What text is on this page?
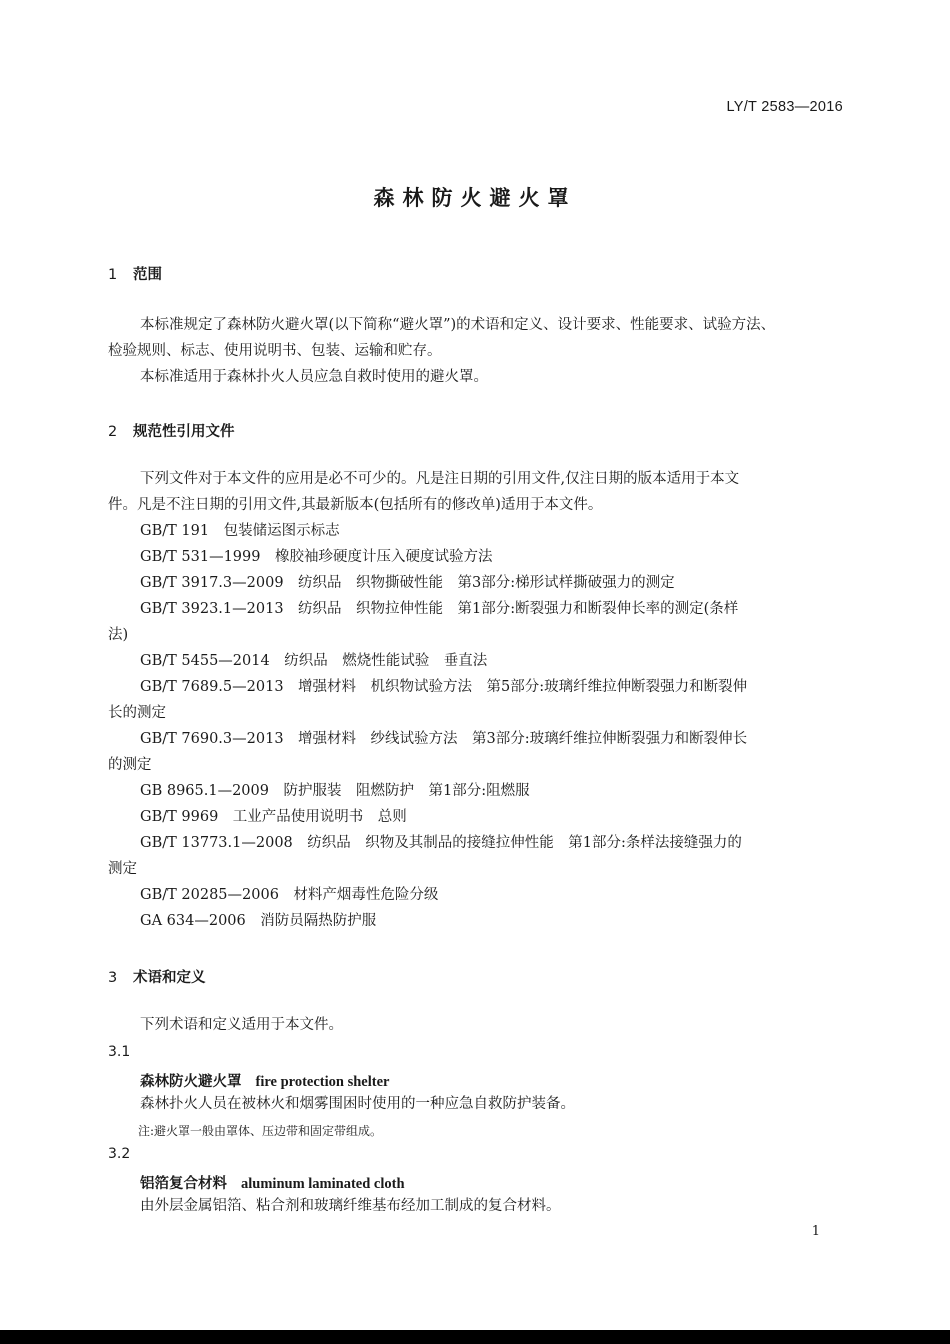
LY/T 2583—2016
森林防火避火罩
1 范围
本标准规定了森林防火避火罩(以下简称“避火罩”)的术语和定义、设计要求、性能要求、试验方法、
检验规则、标志、使用说明书、包装、运输和贮存。
本标准适用于森林扑火人员应急自救时使用的避火罩。
2 规范性引用文件
下列文件对于本文件的应用是必不可少的。凡是注日期的引用文件,仅注日期的版本适用于本文
件。凡是不注日期的引用文件,其最新版本(包括所有的修改单)适用于本文件。
GB/T 191　包装储运图示标志
GB/T 531—1999　橡胶袖珍硬度计压入硬度试验方法
GB/T 3917.3—2009　纺织品　织物撕破性能　第3部分:梯形试样撕破强力的测定
GB/T 3923.1—2013　纺织品　织物拉伸性能　第1部分:断裂强力和断裂伸长率的测定(条样
法)
GB/T 5455—2014　纺织品　燃烧性能试验　垂直法
GB/T 7689.5—2013　增强材料　机织物试验方法　第5部分:玻璃纤维拉伸断裂强力和断裂伸
长的测定
GB/T 7690.3—2013　增强材料　纱线试验方法　第3部分:玻璃纤维拉伸断裂强力和断裂伸长
的测定
GB 8965.1—2009　防护服装　阻燃防护　第1部分:阻燃服
GB/T 9969　工业产品使用说明书　总则
GB/T 13773.1—2008　纺织品　织物及其制品的接缝拉伸性能　第1部分:条样法接缝强力的
测定
GB/T 20285—2006　材料产烟毒性危险分级
GA 634—2006　消防员隔热防护服
3 术语和定义
下列术语和定义适用于本文件。
3.1
森林防火避火罩 fire protection shelter
森林扑火人员在被林火和烟雾围困时使用的一种应急自救防护装备。
注:避火罩一般由罩体、压边带和固定带组成。
3.2
铝箔复合材料 aluminum laminated cloth
由外层金属铝箔、粘合剂和玻璃纤维基布经加工制成的复合材料。
1
